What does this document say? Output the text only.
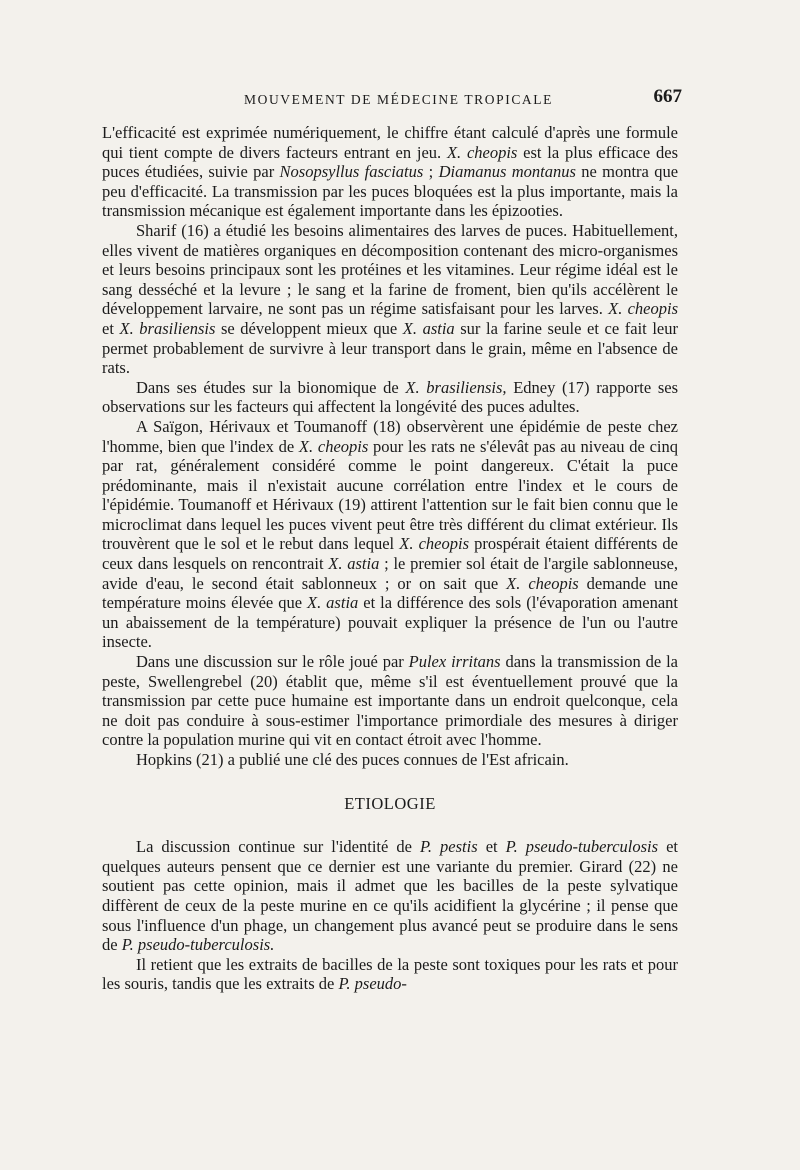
MOUVEMENT DE MÉDECINE TROPICALE	667

L'efficacité est exprimée numériquement, le chiffre étant calculé d'après une formule qui tient compte de divers facteurs entrant en jeu. X. cheopis est la plus efficace des puces étudiées, suivie par Nosopsyllus fasciatus ; Diamanus montanus ne montra que peu d'efficacité. La transmission par les puces bloquées est la plus importante, mais la transmission mécanique est également importante dans les épizooties.

Sharif (16) a étudié les besoins alimentaires des larves de puces. Habituellement, elles vivent de matières organiques en décomposition contenant des micro-organismes et leurs besoins principaux sont les protéines et les vitamines. Leur régime idéal est le sang desséché et la levure ; le sang et la farine de froment, bien qu'ils accélèrent le développement larvaire, ne sont pas un régime satisfaisant pour les larves. X. cheopis et X. brasiliensis se développent mieux que X. astia sur la farine seule et ce fait leur permet probablement de survivre à leur transport dans le grain, même en l'absence de rats.

Dans ses études sur la bionomique de X. brasiliensis, Edney (17) rapporte ses observations sur les facteurs qui affectent la longévité des puces adultes.

A Saïgon, Hérivaux et Toumanoff (18) observèrent une épidémie de peste chez l'homme, bien que l'index de X. cheopis pour les rats ne s'élevât pas au niveau de cinq par rat, généralement considéré comme le point dangereux. C'était la puce prédominante, mais il n'existait aucune corrélation entre l'index et le cours de l'épidémie. Toumanoff et Hérivaux (19) attirent l'attention sur le fait bien connu que le microclimat dans lequel les puces vivent peut être très différent du climat extérieur. Ils trouvèrent que le sol et le rebut dans lequel X. cheopis prospérait étaient différents de ceux dans lesquels on rencontrait X. astia ; le premier sol était de l'argile sablonneuse, avide d'eau, le second était sablonneux ; or on sait que X. cheopis demande une température moins élevée que X. astia et la différence des sols (l'évaporation amenant un abaissement de la température) pouvait expliquer la présence de l'un ou l'autre insecte.

Dans une discussion sur le rôle joué par Pulex irritans dans la transmission de la peste, Swellengrebel (20) établit que, même s'il est éventuellement prouvé que la transmission par cette puce humaine est importante dans un endroit quelconque, cela ne doit pas conduire à sous-estimer l'importance primordiale des mesures à diriger contre la population murine qui vit en contact étroit avec l'homme.

Hopkins (21) a publié une clé des puces connues de l'Est africain.

ETIOLOGIE

La discussion continue sur l'identité de P. pestis et P. pseudo-tuberculosis et quelques auteurs pensent que ce dernier est une variante du premier. Girard (22) ne soutient pas cette opinion, mais il admet que les bacilles de la peste sylvatique diffèrent de ceux de la peste murine en ce qu'ils acidifient la glycérine ; il pense que sous l'influence d'un phage, un changement plus avancé peut se produire dans le sens de P. pseudo-tuberculosis.

Il retient que les extraits de bacilles de la peste sont toxiques pour les rats et pour les souris, tandis que les extraits de P. pseudo-
